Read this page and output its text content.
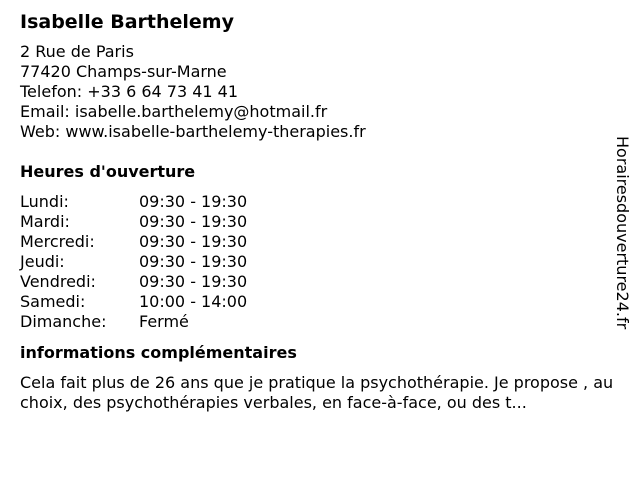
Isabelle Barthelemy
2 Rue de Paris
77420 Champs-sur-Marne
Telefon: +33 6 64 73 41 41
Email: isabelle.barthelemy@hotmail.fr
Web: www.isabelle-barthelemy-therapies.fr
Heures d'ouverture
Lundi:	09:30 - 19:30
Mardi:	09:30 - 19:30
Mercredi:	09:30 - 19:30
Jeudi:	09:30 - 19:30
Vendredi:	09:30 - 19:30
Samedi:	10:00 - 14:00
Dimanche:	Fermé
informations complémentaires
Cela fait plus de 26 ans que je pratique la psychothérapie. Je propose , au choix, des psychothérapies verbales, en face-à-face, ou des t...
Horairesdouverture24.fr
